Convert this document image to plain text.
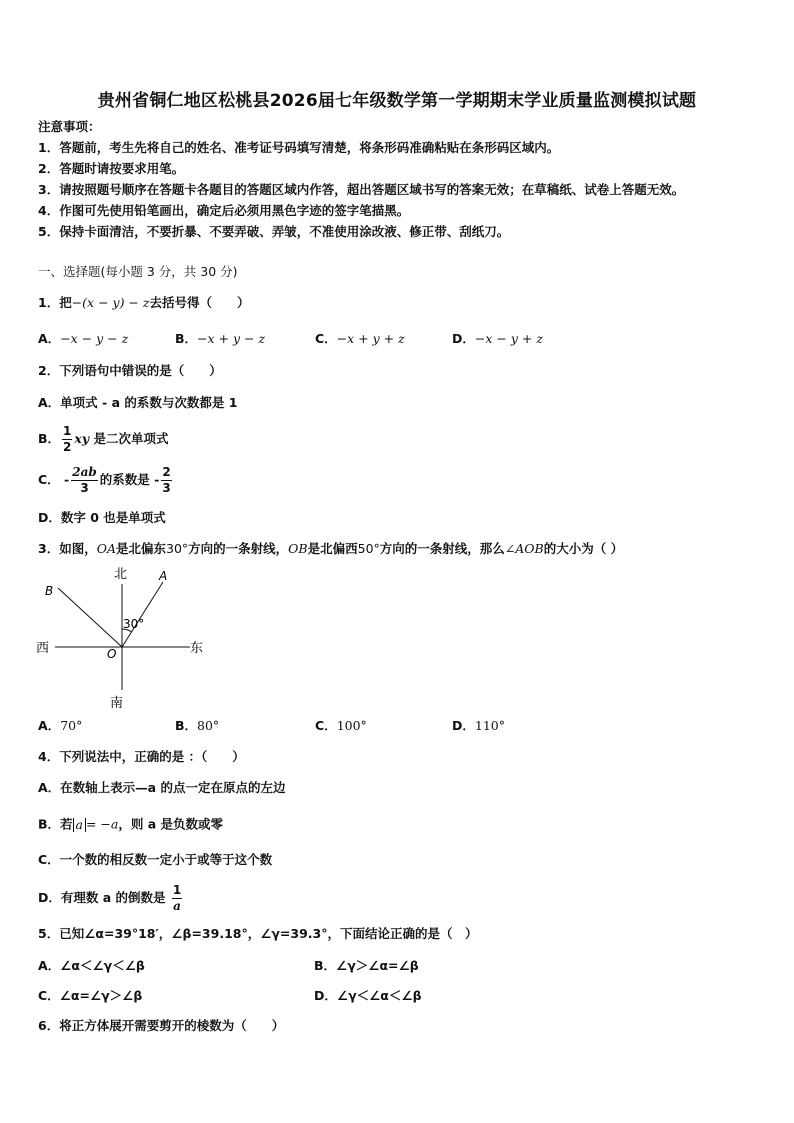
贵州省铜仁地区松桃县2026届七年级数学第一学期期末学业质量监测模拟试题
注意事项：
1．答题前，考生先将自己的姓名、准考证号码填写清楚，将条形码准确粘贴在条形码区域内。
2．答题时请按要求用笔。
3．请按照题号顺序在答题卡各题目的答题区域内作答，超出答题区域书写的答案无效；在草稿纸、试卷上答题无效。
4．作图可先使用铅笔画出，确定后必须用黑色字迹的签字笔描黑。
5．保持卡面清洁，不要折暴、不要弄破、弄皱，不准使用涂改液、修正带、刮纸刀。
一、选择题(每小题 3 分，共 30 分)
1．把−(x − y) − z去括号得（　　）
A．−x − y − z	B．−x + y − z	C．−x + y + z	D．−x − y + z
2．下列语句中错误的是（　　）
A．单项式 - a 的系数与次数都是 1
B． $\frac{1}{2}$ xy 是二次单项式
C． - $\frac{2ab}{3}$ 的系数是 - $\frac{2}{3}$
D．数字 0 也是单项式
3．如图，OA是北偏东30°方向的一条射线，OB是北偏西50°方向的一条射线，那么∠AOB的大小为（ ）
北
南
西	东
A
B
O
30°
A．70°	B．80°	C．100°	D．110°
4．下列说法中，正确的是 ：（　　）
A．在数轴上表示—a 的点一定在原点的左边
B．若 a = −a，则 a 是负数或零
C．一个数的相反数一定小于或等于这个数
D．有理数 a 的倒数是 $\frac{1}{a}$
5．已知∠α=39°18′，∠β=39.18°，∠γ=39.3°，下面结论正确的是（　）
A．∠α＜∠γ＜∠β	B．∠γ＞∠α=∠β
C．∠α=∠γ＞∠β	D．∠γ＜∠α＜∠β
6．将正方体展开需要剪开的棱数为（　　）
